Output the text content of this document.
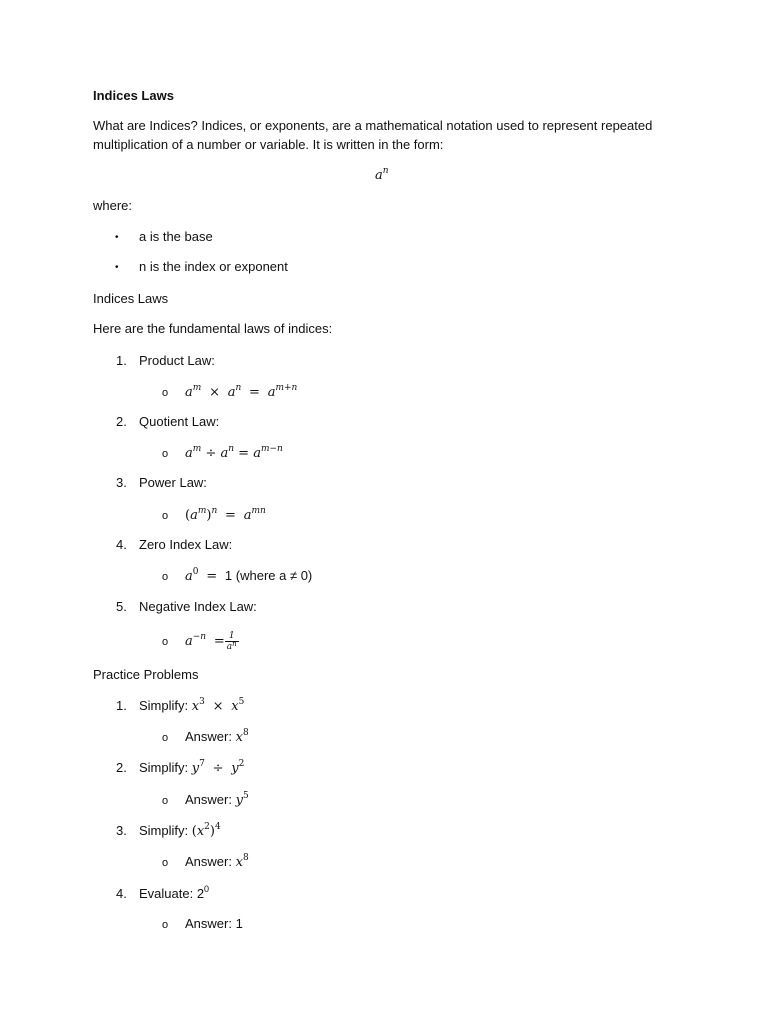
Indices Laws
What are Indices? Indices, or exponents, are a mathematical notation used to represent repeated
multiplication of a number or variable. It is written in the form:
$a^n$
where:
• a is the base
• n is the index or exponent
Indices Laws
Here are the fundamental laws of indices:
1. Product Law:
o $a^m \times a^n = a^{m+n}$
2. Quotient Law:
o $a^m \div a^n = a^{m-n}$
3. Power Law:
o $(a^m)^n = a^{mn}$
4. Zero Index Law:
o $a^0 = 1$ (where a ≠ 0)
5. Negative Index Law:
o $a^{-n} = \frac{1}{a^n}$
Practice Problems
1. Simplify: $x^3 \times x^5$
o Answer: $x^8$
2. Simplify: $y^7 \div y^2$
o Answer: $y^5$
3. Simplify: $(x^2)^4$
o Answer: $x^8$
4. Evaluate: $2^0$
o Answer: 1
